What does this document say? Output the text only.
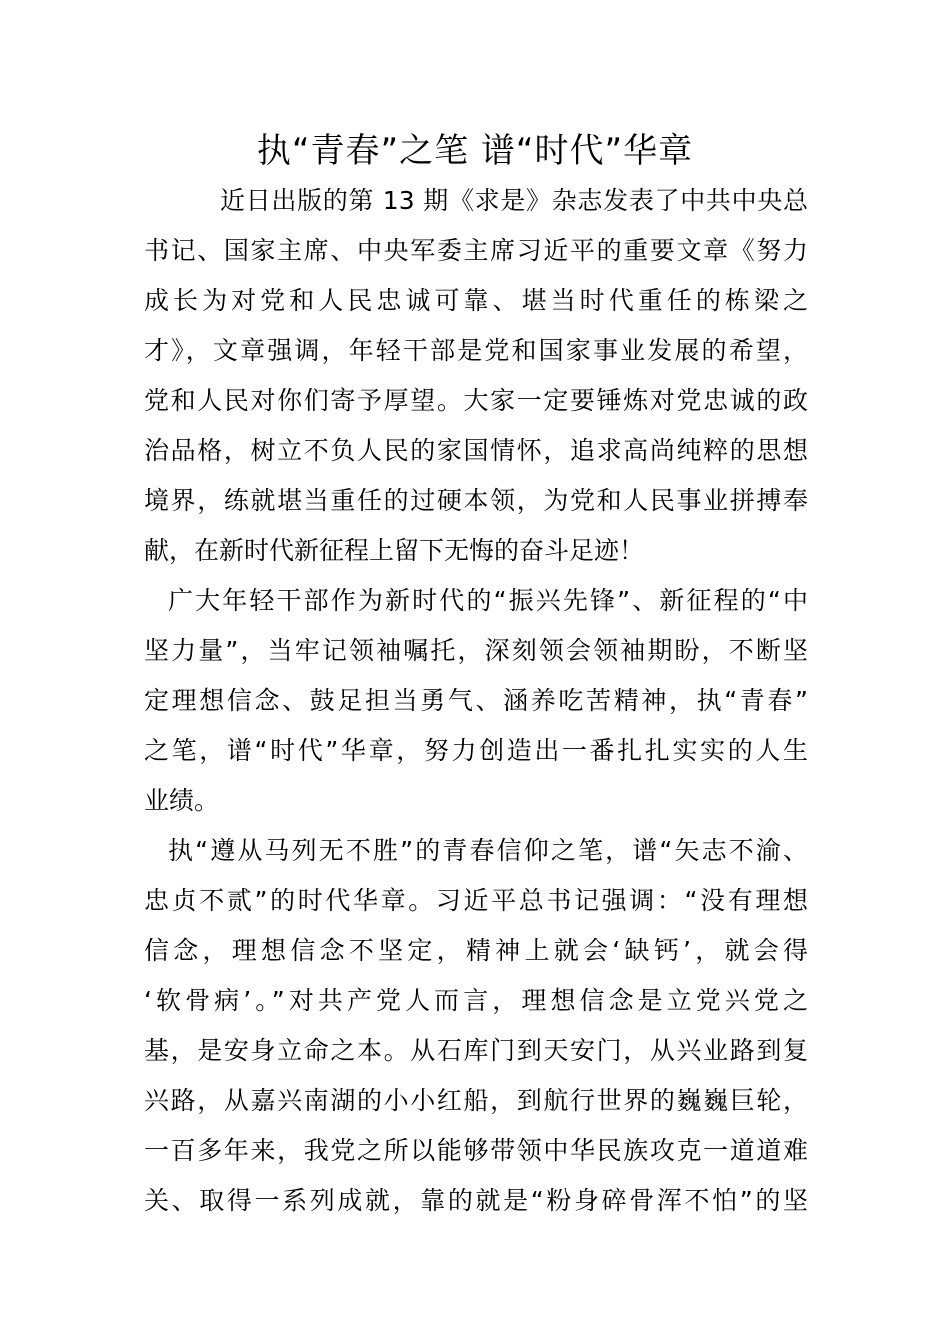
执“青春”之笔 谱“时代”华章
近日出版的第 13 期《求是》杂志发表了中共中央总
书记、国家主席、中央军委主席习近平的重要文章《努力
成长为对党和人民忠诚可靠、堪当时代重任的栋梁之
才》，文章强调，年轻干部是党和国家事业发展的希望，
党和人民对你们寄予厚望。大家一定要锤炼对党忠诚的政
治品格，树立不负人民的家国情怀，追求高尚纯粹的思想
境界，练就堪当重任的过硬本领，为党和人民事业拼搏奉
献，在新时代新征程上留下无悔的奋斗足迹！
广大年轻干部作为新时代的“振兴先锋”、新征程的“中
坚力量”，当牢记领袖嘱托，深刻领会领袖期盼，不断坚
定理想信念、鼓足担当勇气、涵养吃苦精神，执“青春”
之笔，谱“时代”华章，努力创造出一番扎扎实实的人生
业绩。
执“遵从马列无不胜”的青春信仰之笔，谱“矢志不渝、
忠贞不贰”的时代华章。习近平总书记强调：“没有理想
信念，理想信念不坚定，精神上就会‘缺钙’，就会得
‘软骨病’。”对共产党人而言，理想信念是立党兴党之
基，是安身立命之本。从石库门到天安门，从兴业路到复
兴路，从嘉兴南湖的小小红船，到航行世界的巍巍巨轮，
一百多年来，我党之所以能够带领中华民族攻克一道道难
关、取得一系列成就，靠的就是“粉身碎骨浑不怕”的坚
